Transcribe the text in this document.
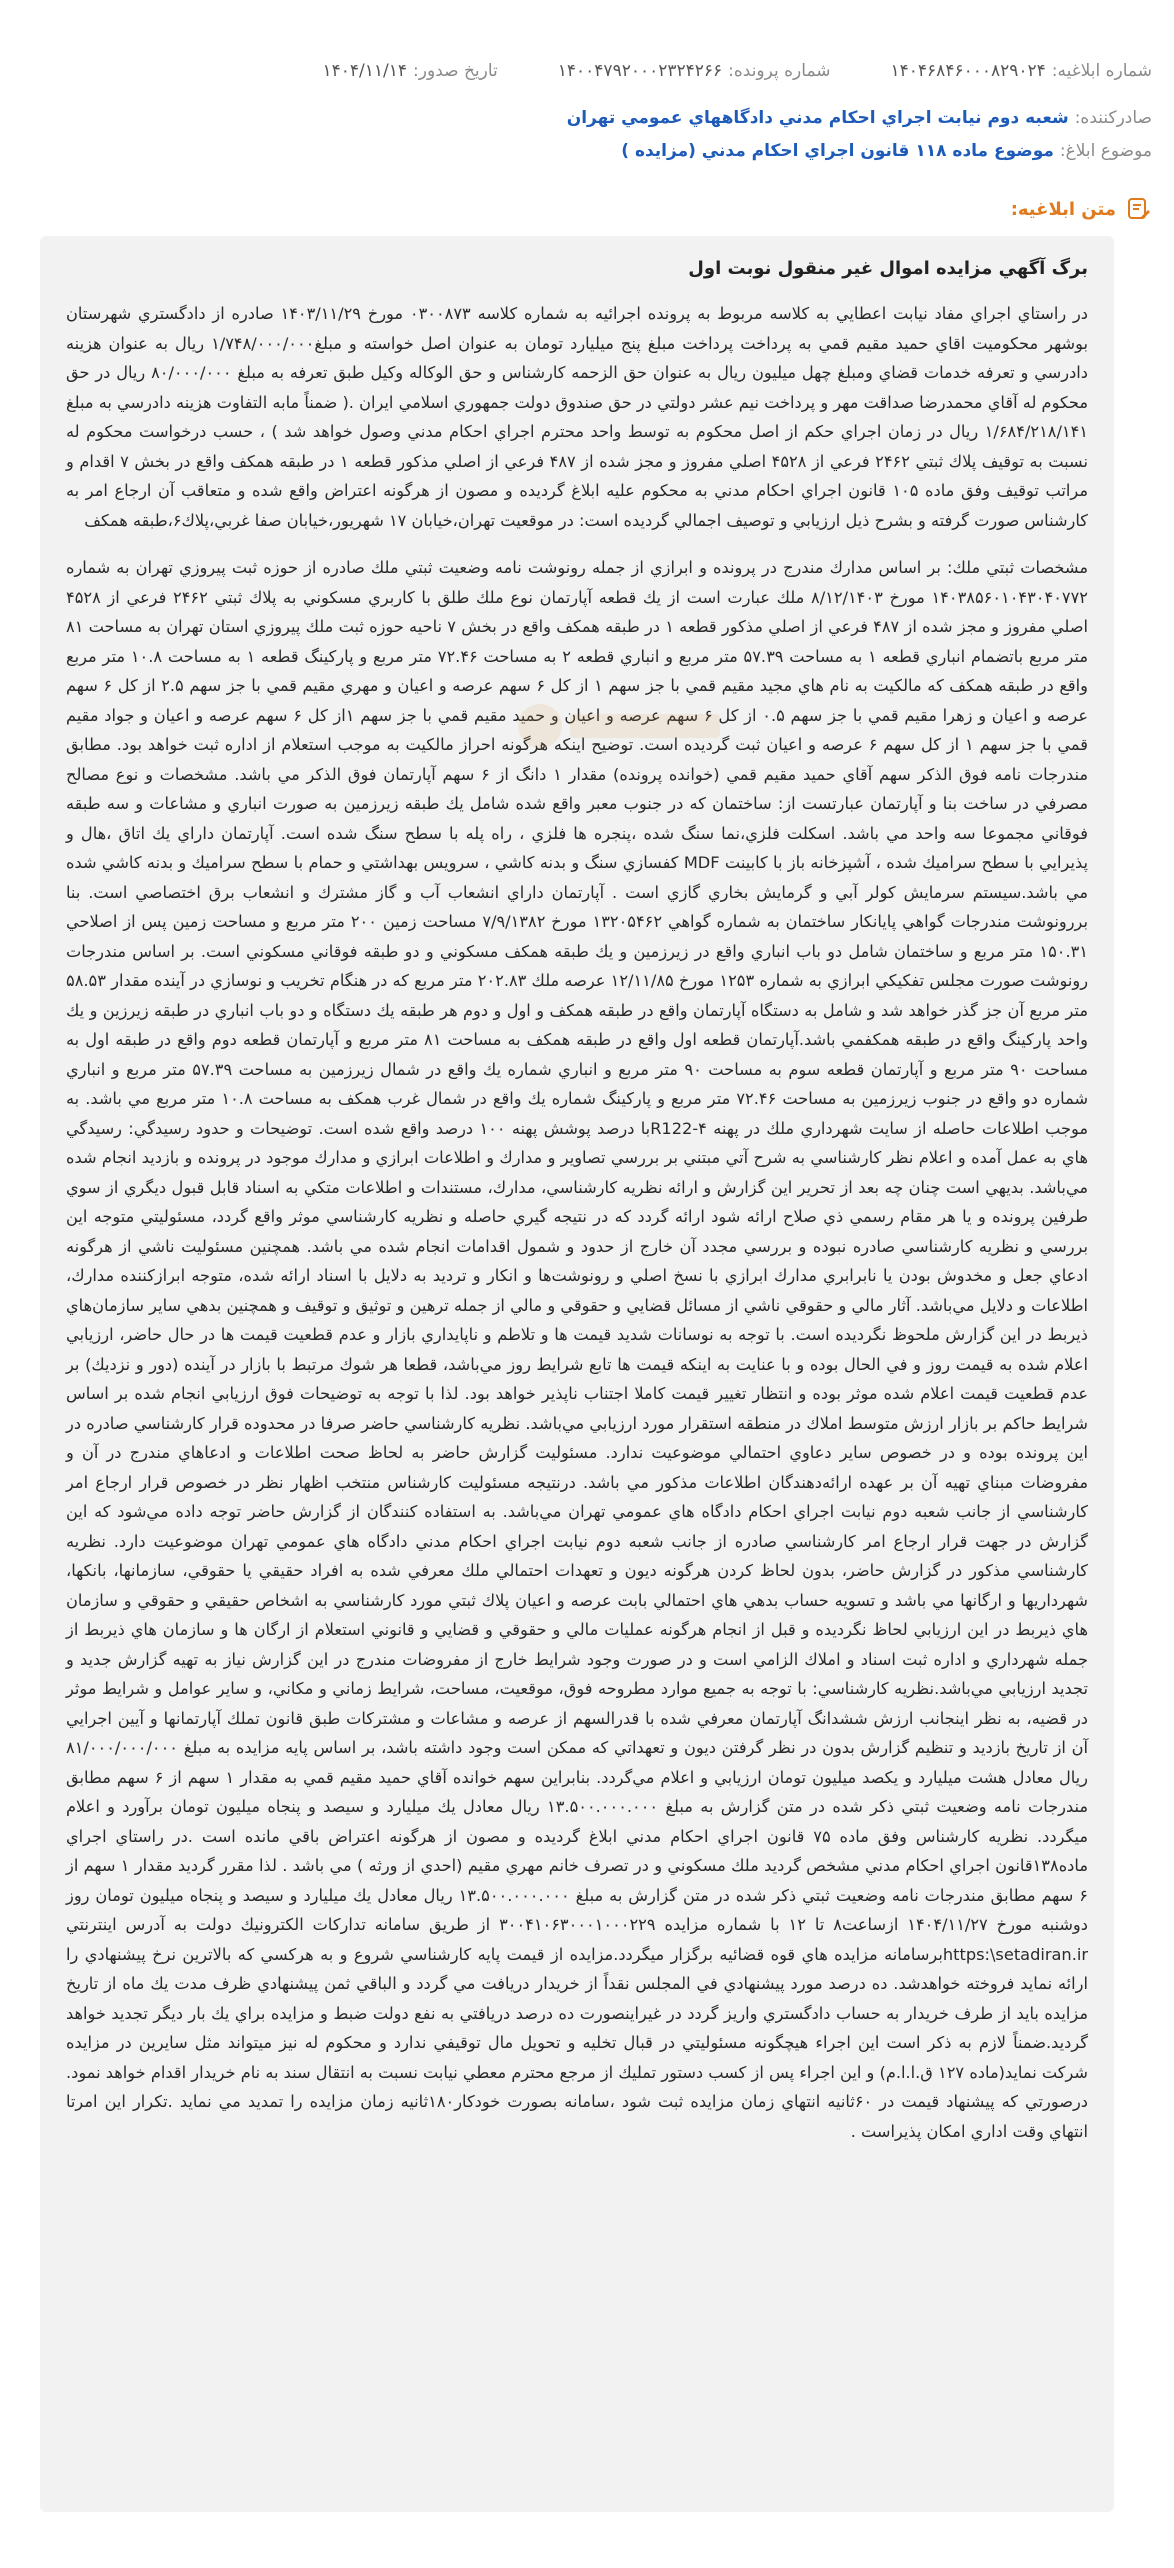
شماره ابلاغیه:
۱۴۰۴۶۸۴۶۰۰۰۸۲۹۰۲۴
شماره پرونده:
۱۴۰۰۴۷۹۲۰۰۰۲۳۲۴۲۶۶
تاریخ صدور:
۱۴۰۴/۱۱/۱۴
صادرکننده:
شعبه دوم نيابت اجراي احكام مدني دادگاههاي عمومي تهران
موضوع ابلاغ:
موضوع ماده ۱۱۸ قانون اجراي احكام مدني (مزايده )
متن ابلاغیه:
برگ آگهي مزايده اموال غير منقول نوبت اول

در راستاي اجراي مفاد نيابت اعطايي به كلاسه مربوط به پرونده اجرائيه به شماره كلاسه ۰۳۰۰۸۷۳ مورخ ۱۴۰۳/۱۱/۲۹ صادره از دادگستري شهرستان بوشهر محكوميت اقاي حميد مقيم قمي به پرداخت پرداخت مبلغ پنج ميليارد تومان به عنوان اصل خواسته و مبلغ۱/۷۴۸/۰۰۰/۰۰۰ ريال به عنوان هزينه دادرسي و تعرفه خدمات قضاي ومبلغ چهل ميليون ريال به عنوان حق الزحمه كارشناس و حق الوكاله وكيل طبق تعرفه به مبلغ ۸۰/۰۰۰/۰۰۰ ريال در حق محكوم له آقاي محمدرضا صداقت مهر و پرداخت نيم عشر دولتي در حق صندوق دولت جمهوري اسلامي ايران .( ضمناً مابه التفاوت هزينه دادرسي به مبلغ ۱/۶۸۴/۲۱۸/۱۴۱ ريال در زمان اجراي حكم از اصل محكوم به توسط واحد محترم اجراي احكام مدني وصول خواهد شد ) ، حسب درخواست محكوم له نسبت به توقيف پلاك ثبتي ۲۴۶۲ فرعي از ۴۵۲۸ اصلي مفروز و مجز شده از ۴۸۷ فرعي از اصلي مذكور قطعه ۱ در طبقه همكف واقع در بخش ۷ اقدام و مراتب توقيف وفق ماده ۱۰۵ قانون اجراي احكام مدني به محكوم عليه ابلاغ گرديده و مصون از هرگونه اعتراض واقع شده و متعاقب آن ارجاع امر به كارشناس صورت گرفته و بشرح ذيل ارزيابي و توصيف اجمالي گرديده است: در موقعيت تهران،خيابان ۱۷ شهريور،خيابان صفا غربي،پلاك۶،طبقه همكف

مشخصات ثبتي ملك: بر اساس مدارك مندرج در پرونده و ابرازي از جمله رونوشت نامه وضعيت ثبتي ملك صادره از حوزه ثبت پيروزي تهران به شماره ۱۴۰۳۸۵۶۰۱۰۴۳۰۴۰۷۷۲ مورخ ۸/۱۲/۱۴۰۳ ملك عبارت است از يك قطعه آپارتمان نوع ملك طلق با كاربري مسكوني به پلاك ثبتي ۲۴۶۲ فرعي از ۴۵۲۸ اصلي مفروز و مجز شده از ۴۸۷ فرعي از اصلي مذكور قطعه ۱ در طبقه همكف واقع در بخش ۷ ناحيه حوزه ثبت ملك پيروزي استان تهران به مساحت ۸۱ متر مربع باتضمام انباري قطعه ۱ به مساحت ۵۷.۳۹ متر مربع و انباري قطعه ۲ به مساحت ۷۲.۴۶ متر مربع و پاركينگ قطعه ۱ به مساحت ۱۰.۸ متر مربع واقع در طبقه همكف كه مالكيت به نام هاي مجيد مقيم قمي با جز سهم ۱ از كل ۶ سهم عرصه و اعيان و مهري مقيم قمي با جز سهم ۲.۵ از كل ۶ سهم عرصه و اعيان و زهرا مقيم قمي با جز سهم ۰.۵ از كل ۶ سهم عرصه و اعيان و حميد مقيم قمي با جز سهم ۱از كل ۶ سهم عرصه و اعيان و جواد مقيم قمي با جز سهم ۱ از كل سهم ۶ عرصه و اعيان ثبت گرديده است. توضيح اينكه هرگونه احراز مالكيت به موجب استعلام از اداره ثبت خواهد بود. مطابق مندرجات نامه فوق الذكر سهم آقاي حميد مقيم قمي (خوانده پرونده) مقدار ۱ دانگ از ۶ سهم آپارتمان فوق الذكر مي باشد. مشخصات و نوع مصالح مصرفي در ساخت بنا و آپارتمان عبارتست از: ساختمان كه در جنوب معبر واقع شده شامل يك طبقه زيرزمين به صورت انباري و مشاعات و سه طبقه فوقاني مجموعا سه واحد مي باشد. اسكلت فلزي،نما سنگ شده ،پنجره ها فلزي ، راه پله با سطح سنگ شده است. آپارتمان داراي يك اتاق ،هال و پذيرايي با سطح سراميك شده ، آشپزخانه باز با كابينت MDF كفسازي سنگ و بدنه كاشي ، سرويس بهداشتي و حمام با سطح سراميك و بدنه كاشي شده مي باشد.سيستم سرمايش كولر آبي و گرمايش بخاري گازي است . آپارتمان داراي انشعاب آب و گاز مشترك و انشعاب برق اختصاصي است. بنا بررونوشت مندرجات گواهي پايانكار ساختمان به شماره گواهي ۱۳۲۰۵۴۶۲ مورخ ۷/۹/۱۳۸۲ مساحت زمين ۲۰۰ متر مربع و مساحت زمين پس از اصلاحي ۱۵۰.۳۱ متر مربع و ساختمان شامل دو باب انباري واقع در زيرزمين و يك طبقه همكف مسكوني و دو طبقه فوقاني مسكوني است. بر اساس مندرجات رونوشت صورت مجلس تفكيكي ابرازي به شماره ۱۲۵۳ مورخ ۱۲/۱۱/۸۵ عرصه ملك ۲۰۲.۸۳ متر مربع كه در هنگام تخريب و نوسازي در آينده مقدار ۵۸.۵۳ متر مربع آن جز گذر خواهد شد و شامل به دستگاه آپارتمان واقع در طبقه همكف و اول و دوم هر طبقه يك دستگاه و دو باب انباري در طبقه زيرزين و يك واحد پاركينگ واقع در طبقه همكفمي باشد.آپارتمان قطعه اول واقع در طبقه همكف به مساحت ۸۱ متر مربع و آپارتمان قطعه دوم واقع در طبقه اول به مساحت ۹۰ متر مربع و آپارتمان قطعه سوم به مساحت ۹۰ متر مربع و انباري شماره يك واقع در شمال زيرزمين به مساحت ۵۷.۳۹ متر مربع و انباري شماره دو واقع در جنوب زيرزمين به مساحت ۷۲.۴۶ متر مربع و پاركينگ شماره يك واقع در شمال غرب همكف به مساحت ۱۰.۸ متر مربع مي باشد. به موجب اطلاعات حاصله از سايت شهرداري ملك در پهنه R122-۴با درصد پوشش پهنه ۱۰۰ درصد واقع شده است. توضيحات و حدود رسيدگي: رسيدگي هاي به عمل آمده و اعلام نظر كارشناسي به شرح آتي مبتني بر بررسي تصاوير و مدارك و اطلاعات ابرازي و مدارك موجود در پرونده و بازديد انجام شده مي‌باشد. بديهي است چنان چه بعد از تحرير اين گزارش و ارائه نظريه كارشناسي، مدارك، مستندات و اطلاعات متكي به اسناد قابل قبول ديگري از سوي طرفين پرونده و يا هر مقام رسمي ذي صلاح ارائه شود ارائه گردد كه در نتيجه گيري حاصله و نظريه كارشناسي موثر واقع گردد، مسئوليتي متوجه اين بررسي و نظريه كارشناسي صادره نبوده و بررسي مجدد آن خارج از حدود و شمول اقدامات انجام شده مي باشد. همچنين مسئوليت ناشي از هرگونه ادعاي جعل و مخدوش بودن يا نابرابري مدارك ابرازي با نسخ اصلي و رونوشت‌ها و انكار و ترديد به دلايل با اسناد ارائه شده، متوجه ابرازكننده مدارك، اطلاعات و دلايل مي‌باشد. آثار مالي و حقوقي ناشي از مسائل قضايي و حقوقي و مالي از جمله ترهين و توثيق و توقيف و همچنين بدهي ساير سازمان‌هاي ذيربط در اين گزارش ملحوظ نگرديده است. با توجه به نوسانات شديد قيمت ها و تلاطم و ناپايداري بازار و عدم قطعيت قيمت ها در حال حاضر، ارزيابي اعلام شده به قيمت روز و في الحال بوده و با عنايت به اينكه قيمت ها تابع شرايط روز مي‌باشد، قطعا هر شوك مرتبط با بازار در آينده (دور و نزديك) بر عدم قطعيت قيمت اعلام شده موثر بوده و انتظار تغيير قيمت كاملا اجتناب ناپذير خواهد بود. لذا با توجه به توضيحات فوق ارزيابي انجام شده بر اساس شرايط حاكم بر بازار ارزش متوسط املاك در منطقه استقرار مورد ارزيابي مي‌باشد. نظريه كارشناسي حاضر صرفا در محدوده قرار كارشناسي صادره در اين پرونده بوده و در خصوص ساير دعاوي احتمالي موضوعيت ندارد. مسئوليت گزارش حاضر به لحاظ صحت اطلاعات و ادعاهاي مندرج در آن و مفروضات مبناي تهيه آن بر عهده ارائه‌دهندگان اطلاعات مذكور مي باشد. درنتيجه مسئوليت كارشناس منتخب اظهار نظر در خصوص قرار ارجاع امر كارشناسي از جانب شعبه دوم نيابت اجراي احكام دادگاه هاي عمومي تهران مي‌باشد. به استفاده كنندگان از گزارش حاضر توجه داده مي‌شود كه اين گزارش در جهت قرار ارجاع امر كارشناسي صادره از جانب شعبه دوم نيابت اجراي احكام مدني دادگاه هاي عمومي تهران موضوعيت دارد. نظريه كارشناسي مذكور در گزارش حاضر، بدون لحاظ كردن هرگونه ديون و تعهدات احتمالي ملك معرفي شده به افراد حقيقي يا حقوقي، سازمانها، بانكها، شهرداريها و ارگانها مي باشد و تسويه حساب بدهي هاي احتمالي بابت عرصه و اعيان پلاك ثبتي مورد كارشناسي به اشخاص حقيقي و حقوقي و سازمان هاي ذيربط در اين ارزيابي لحاظ نگرديده و قبل از انجام هرگونه عمليات مالي و حقوقي و قضايي و قانوني استعلام از ارگان ها و سازمان هاي ذيربط از جمله شهرداري و اداره ثبت اسناد و املاك الزامي است و در صورت وجود شرايط خارج از مفروضات مندرج در اين گزارش نياز به تهيه گزارش جديد و تجديد ارزيابي مي‌باشد.نظريه كارشناسي: با توجه به جميع موارد مطروحه فوق، موقعيت، مساحت، شرايط زماني و مكاني، و ساير عوامل و شرايط موثر در قضيه، به نظر اينجانب ارزش ششدانگ آپارتمان معرفي شده با قدرالسهم از عرصه و مشاعات و مشتركات طبق قانون تملك آپارتمانها و آيين اجرايي آن از تاريخ بازديد و تنظيم گزارش بدون در نظر گرفتن ديون و تعهداتي كه ممكن است وجود داشته باشد، بر اساس پايه مزايده به مبلغ ۸۱/۰۰۰/۰۰۰/۰۰۰ ريال معادل هشت ميليارد و يكصد ميليون تومان ارزيابي و اعلام مي‌گردد. بنابراين سهم خوانده آقاي حميد مقيم قمي به مقدار ۱ سهم از ۶ سهم مطابق مندرجات نامه وضعيت ثبتي ذكر شده در متن گزارش به مبلغ ۱۳.۵۰۰.۰۰۰.۰۰۰ ريال معادل يك ميليارد و سيصد و پنجاه ميليون تومان برآورد و اعلام ميگردد. نظريه كارشناس وفق ماده ۷۵ قانون اجراي احكام مدني ابلاغ گرديده و مصون از هرگونه اعتراض باقي مانده است .در راستاي اجراي ماده۱۳۸قانون اجراي احكام مدني مشخص گرديد ملك مسكوني و در تصرف خانم مهري مقيم (احدي از ورثه ) مي باشد . لذا مقرر گرديد مقدار ۱ سهم از ۶ سهم مطابق مندرجات نامه وضعيت ثبتي ذكر شده در متن گزارش به مبلغ ۱۳.۵۰۰.۰۰۰.۰۰۰ ريال معادل يك ميليارد و سيصد و پنجاه ميليون تومان روز دوشنبه مورخ ۱۴۰۴/۱۱/۲۷ ازساعت۸ تا ۱۲ با شماره مزايده ۳۰۰۴۱۰۶۳۰۰۰۱۰۰۰۲۲۹ از طريق سامانه تداركات الكترونيك دولت به آدرس اينترنتي https:\setadiran.irبرسامانه مزايده هاي قوه قضائيه برگزار ميگردد.مزايده از قيمت پايه كارشناسي شروع و به هركسي كه بالاترين نرخ پيشنهادي را ارائه نمايد فروخته خواهدشد. ده درصد مورد پيشنهادي في المجلس نقداً از خريدار دريافت مي گردد و الباقي ثمن پيشنهادي ظرف مدت يك ماه از تاريخ مزايده بايد از طرف خريدار به حساب دادگستري واريز گردد در غيراينصورت ده درصد دريافتي به نفع دولت ضبط و مزايده براي يك بار ديگر تجديد خواهد گرديد.ضمناً لازم به ذكر است اين اجراء هيچگونه مسئوليتي در قبال تخليه و تحويل مال توقيفي ندارد و محكوم له نيز ميتواند مثل سايرين در مزايده شركت نمايد(ماده ۱۲۷ ق.ا.ا.م) و اين اجراء پس از كسب دستور تمليك از مرجع محترم معطي نيابت نسبت به انتقال سند به نام خريدار اقدام خواهد نمود. درصورتي كه پيشنهاد قيمت در ۶۰ثانيه انتهاي زمان مزايده ثبت شود ،سامانه بصورت خودكار۱۸۰ثانيه زمان مزايده را تمديد مي نمايد .تكرار اين امرتا انتهاي وقت اداري امكان پذيراست .
